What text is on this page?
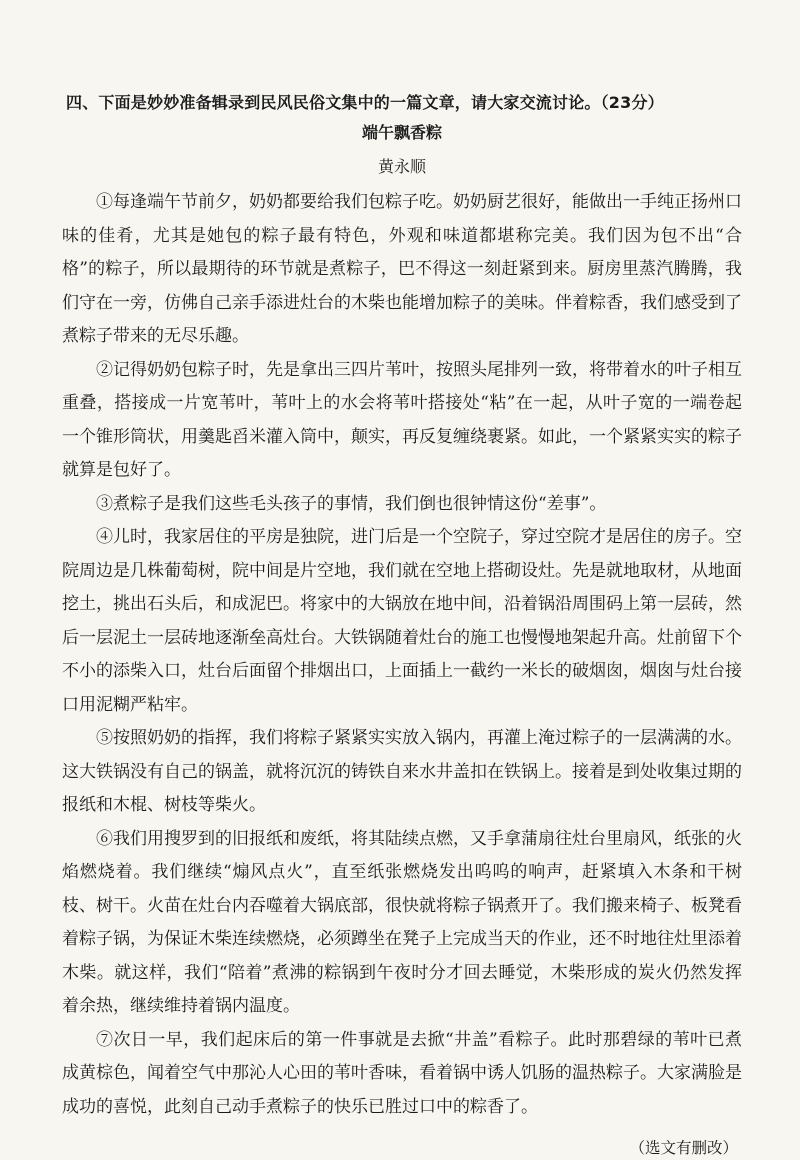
四、下面是妙妙准备辑录到民风民俗文集中的一篇文章，请大家交流讨论。（23分）
端午飘香粽
黄永顺

①每逢端午节前夕，奶奶都要给我们包粽子吃。奶奶厨艺很好，能做出一手纯正扬州口味的佳肴，尤其是她包的粽子最有特色，外观和味道都堪称完美。我们因为包不出“合格”的粽子，所以最期待的环节就是煮粽子，巴不得这一刻赶紧到来。厨房里蒸汽腾腾，我们守在一旁，仿佛自己亲手添进灶台的木柴也能增加粽子的美味。伴着粽香，我们感受到了煮粽子带来的无尽乐趣。

②记得奶奶包粽子时，先是拿出三四片苇叶，按照头尾排列一致，将带着水的叶子相互重叠，搭接成一片宽苇叶，苇叶上的水会将苇叶搭接处“粘”在一起，从叶子宽的一端卷起一个锥形筒状，用羹匙舀米灌入筒中，颠实，再反复缠绕裹紧。如此，一个紧紧实实的粽子就算是包好了。

③煮粽子是我们这些毛头孩子的事情，我们倒也很钟情这份“差事”。

④儿时，我家居住的平房是独院，进门后是一个空院子，穿过空院才是居住的房子。空院周边是几株葡萄树，院中间是片空地，我们就在空地上搭砌设灶。先是就地取材，从地面挖土，挑出石头后，和成泥巴。将家中的大锅放在地中间，沿着锅沿周围码上第一层砖，然后一层泥土一层砖地逐渐垒高灶台。大铁锅随着灶台的施工也慢慢地架起升高。灶前留下个不小的添柴入口，灶台后面留个排烟出口，上面插上一截约一米长的破烟囱，烟囱与灶台接口用泥糊严粘牢。

⑤按照奶奶的指挥，我们将粽子紧紧实实放入锅内，再灌上淹过粽子的一层满满的水。这大铁锅没有自己的锅盖，就将沉沉的铸铁自来水井盖扣在铁锅上。接着是到处收集过期的报纸和木棍、树枝等柴火。

⑥我们用搜罗到的旧报纸和废纸，将其陆续点燃，又手拿蒲扇往灶台里扇风，纸张的火焰燃烧着。我们继续“煽风点火”，直至纸张燃烧发出呜呜的响声，赶紧填入木条和干树枝、树干。火苗在灶台内吞噬着大锅底部，很快就将粽子锅煮开了。我们搬来椅子、板凳看着粽子锅，为保证木柴连续燃烧，必须蹲坐在凳子上完成当天的作业，还不时地往灶里添着木柴。就这样，我们“陪着”煮沸的粽锅到午夜时分才回去睡觉，木柴形成的炭火仍然发挥着余热，继续维持着锅内温度。

⑦次日一早，我们起床后的第一件事就是去掀“井盖”看粽子。此时那碧绿的苇叶已煮成黄棕色，闻着空气中那沁人心田的苇叶香味，看着锅中诱人饥肠的温热粽子。大家满脸是成功的喜悦，此刻自己动手煮粽子的快乐已胜过口中的粽香了。

（选文有删改）
